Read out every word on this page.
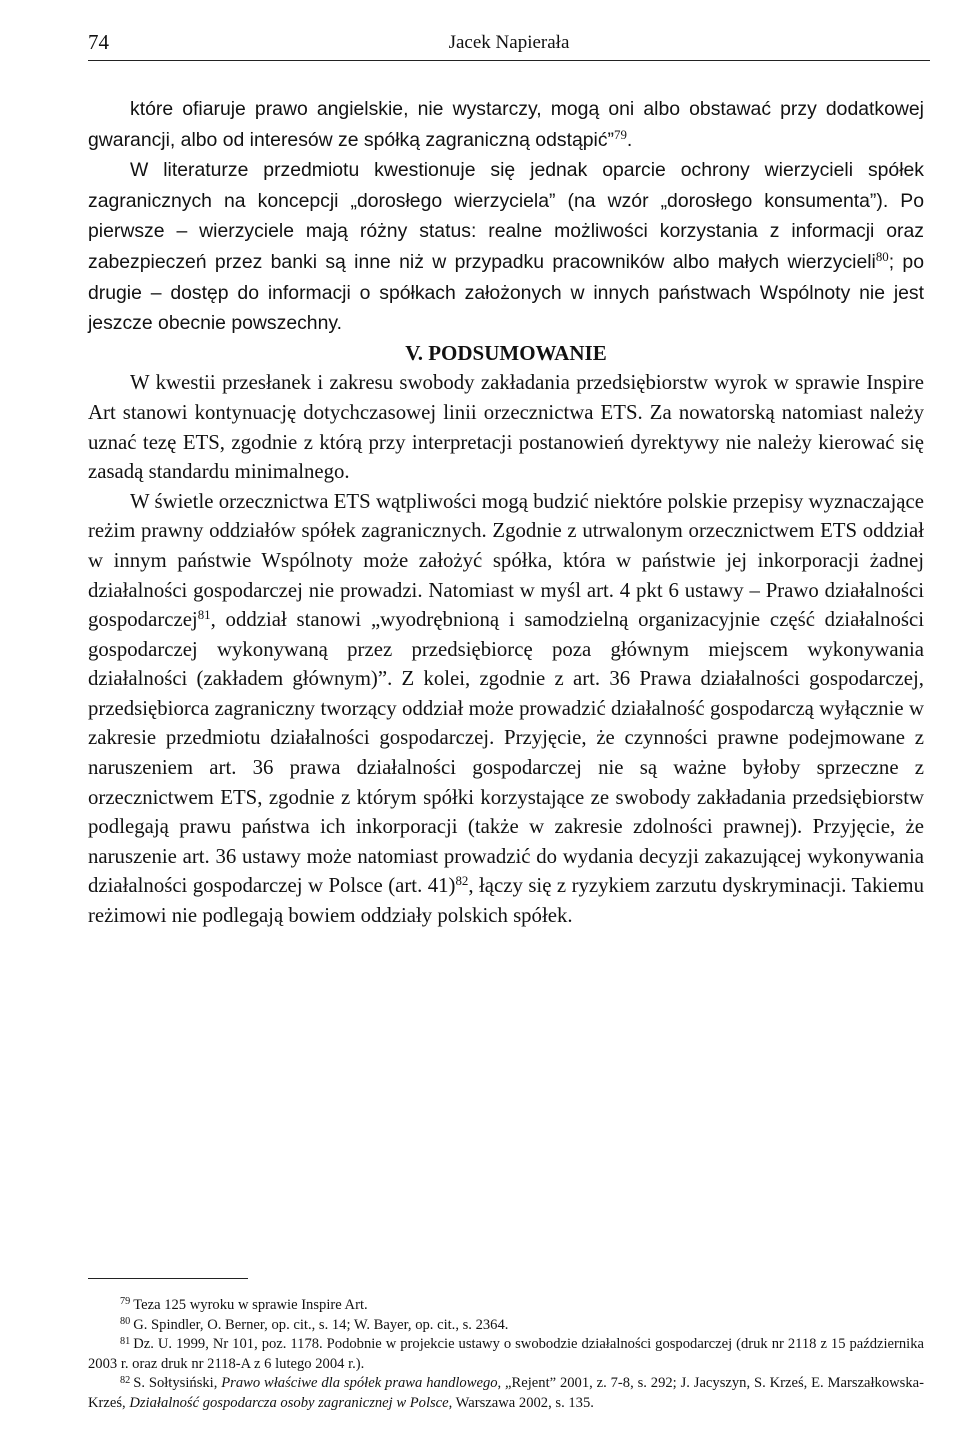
74	Jacek Napierała

które ofiaruje prawo angielskie, nie wystarczy, mogą oni albo obstawać przy dodatkowej gwarancji, albo od interesów ze spółką zagraniczną odstąpić”$^{79}$.

W literaturze przedmiotu kwestionuje się jednak oparcie ochrony wierzycieli spółek zagranicznych na koncepcji „dorosłego wierzyciela” (na wzór „dorosłego konsumenta”). Po pierwsze – wierzyciele mają różny status: realne możliwości korzystania z informacji oraz zabezpieczeń przez banki są inne niż w przypadku pracowników albo małych wierzycieli$^{80}$; po drugie – dostęp do informacji o spółkach założonych w innych państwach Wspólnoty nie jest jeszcze obecnie powszechny.

V. PODSUMOWANIE

W kwestii przesłanek i zakresu swobody zakładania przedsiębiorstw wyrok w sprawie Inspire Art stanowi kontynuację dotychczasowej linii orzecznictwa ETS. Za nowatorską natomiast należy uznać tezę ETS, zgodnie z którą przy interpretacji postanowień dyrektywy nie należy kierować się zasadą standardu minimalnego.

W świetle orzecznictwa ETS wątpliwości mogą budzić niektóre polskie przepisy wyznaczające reżim prawny oddziałów spółek zagranicznych. Zgodnie z utrwalonym orzecznictwem ETS oddział w innym państwie Wspólnoty może założyć spółka, która w państwie jej inkorporacji żadnej działalności gospodarczej nie prowadzi. Natomiast w myśl art. 4 pkt 6 ustawy – Prawo działalności gospodarczej$^{81}$, oddział stanowi „wyodrębnioną i samodzielną organizacyjnie część działalności gospodarczej wykonywaną przez przedsiębiorcę poza głównym miejscem wykonywania działalności (zakładem głównym)”. Z kolei, zgodnie z art. 36 Prawa działalności gospodarczej, przedsiębiorca zagraniczny tworzący oddział może prowadzić działalność gospodarczą wyłącznie w zakresie przedmiotu działalności gospodarczej. Przyjęcie, że czynności prawne podejmowane z naruszeniem art. 36 prawa działalności gospodarczej nie są ważne byłoby sprzeczne z orzecznictwem ETS, zgodnie z którym spółki korzystające ze swobody zakładania przedsiębiorstw podlegają prawu państwa ich inkorporacji (także w zakresie zdolności prawnej). Przyjęcie, że naruszenie art. 36 ustawy może natomiast prowadzić do wydania decyzji zakazującej wykonywania działalności gospodarczej w Polsce (art. 41)$^{82}$, łączy się z ryzykiem zarzutu dyskryminacji. Takiemu reżimowi nie podlegają bowiem oddziały polskich spółek.

$^{79}$ Teza 125 wyroku w sprawie Inspire Art.

$^{80}$ G. Spindler, O. Berner, op. cit., s. 14; W. Bayer, op. cit., s. 2364.

$^{81}$ Dz. U. 1999, Nr 101, poz. 1178. Podobnie w projekcie ustawy o swobodzie działalności gospodarczej (druk nr 2118 z 15 października 2003 r. oraz druk nr 2118-A z 6 lutego 2004 r.).

$^{82}$ S. Sołtysiński, Prawo właściwe dla spółek prawa handlowego, „Rejent” 2001, z. 7-8, s. 292; J. Jacyszyn, S. Krześ, E. Marszałkowska-Krześ, Działalność gospodarcza osoby zagranicznej w Polsce, Warszawa 2002, s. 135.
